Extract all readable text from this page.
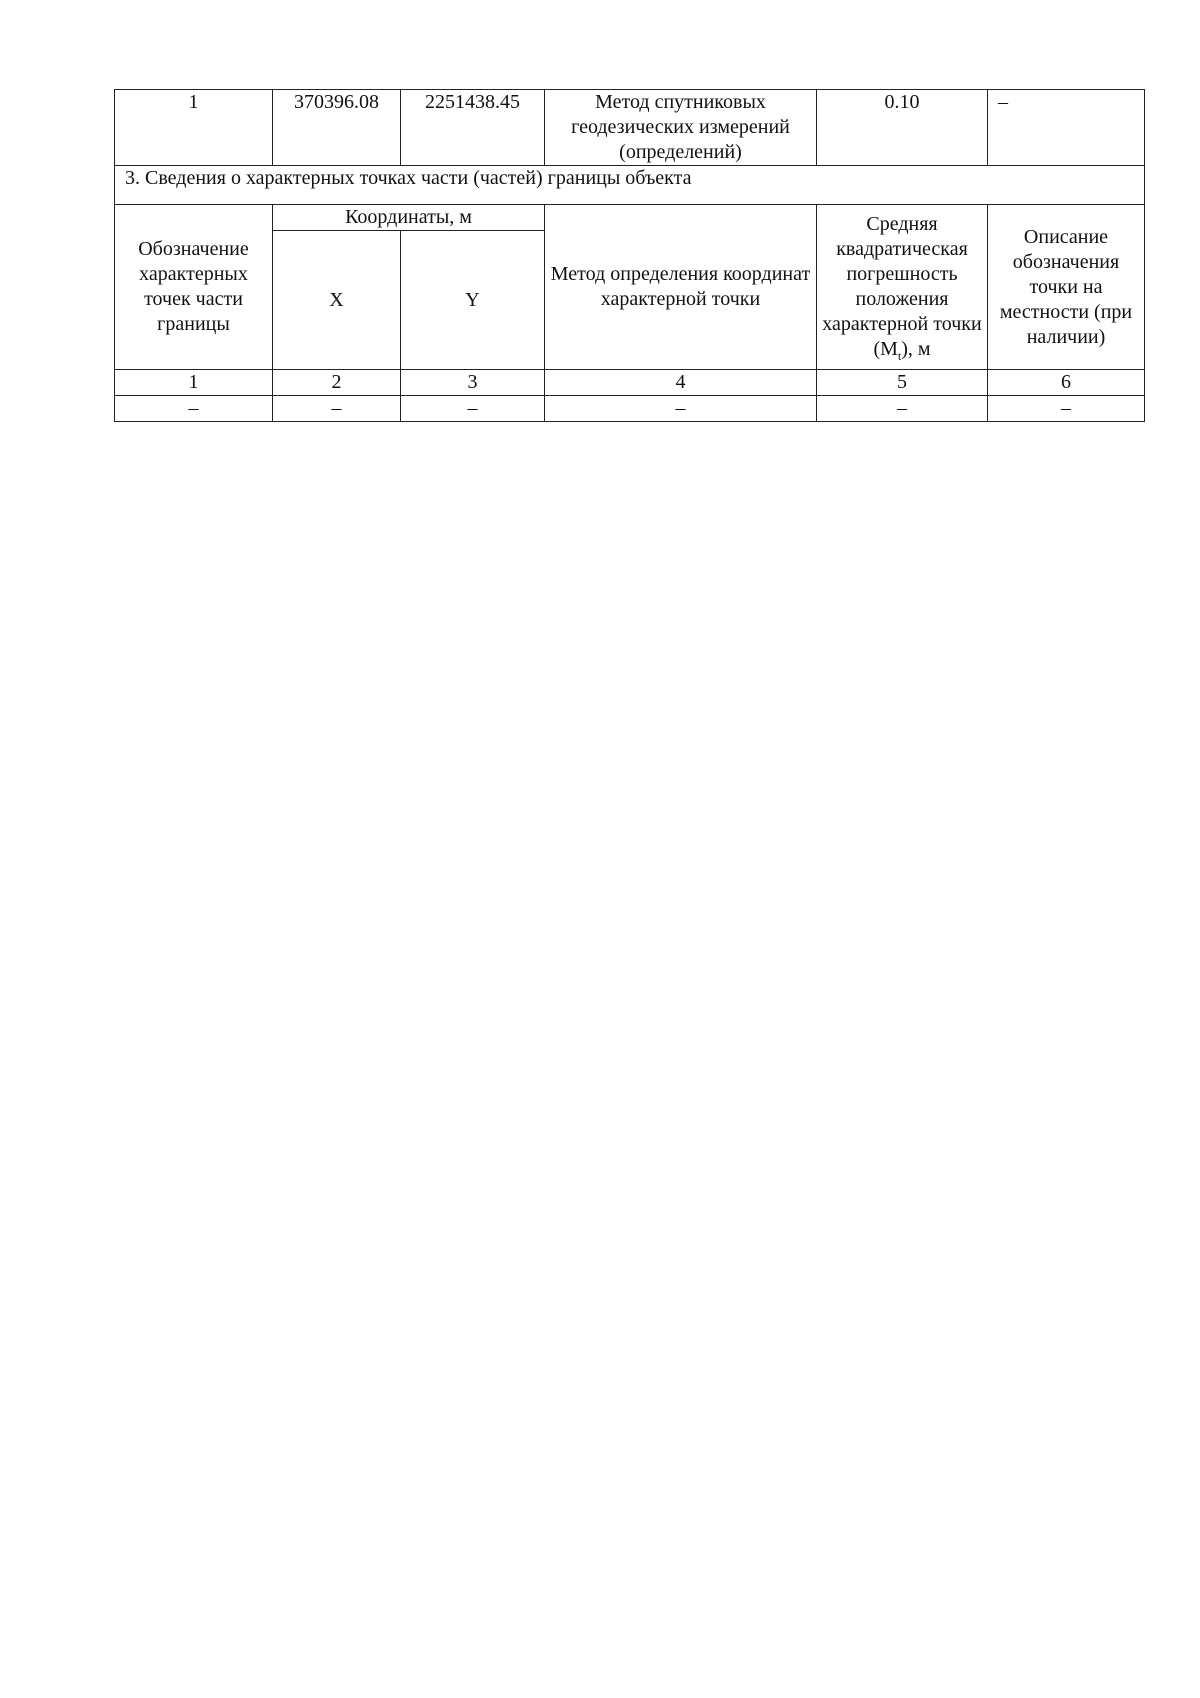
1	370396.08	2251438.45	Метод спутниковых геодезических измерений (определений)	0.10	–
3. Сведения о характерных точках части (частей) границы объекта					
Обозначение характерных точек части границы	Координаты, м		Метод определения координат характерной точки	Средняя квадратическая погрешность положения характерной точки $(M_t)$, м	Описание обозначения точки на местности (при наличии)
	X	Y			
1	2	3	4	5	6
–	–	–	–	–	–
